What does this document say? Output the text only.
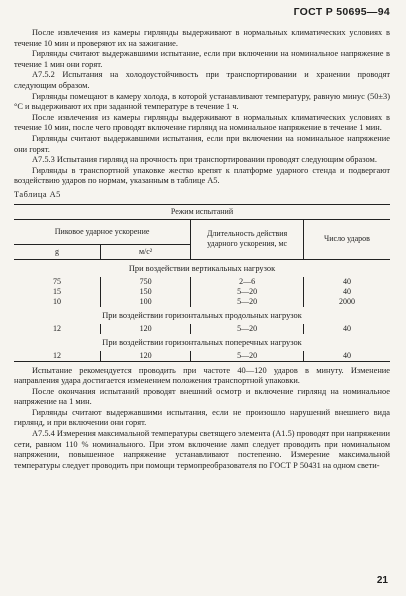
ГОСТ Р 50695—94

После извлечения из камеры гирлянды выдерживают в нормальных климатических условиях в течение 10 мин и проверяют их на зажигание.

Гирлянды считают выдержавшими испытание, если при включении на номинальное напряжение в течение 1 мин они горят.

А7.5.2 Испытания на холодоустойчивость при транспортировании и хранении проводят следующим образом.

Гирлянды помещают в камеру холода, в которой устанавливают температуру, равную минус (50±3) °С и выдерживают их при заданной температуре в течение 1 ч.

После извлечения из камеры гирлянды выдерживают в нормальных климатических условиях в течение 10 мин, после чего проводят включение гирлянд на номинальное напряжение в течение 1 мин.

Гирлянды считают выдержавшими испытания, если при включении на номинальное напряжение они горят.

А7.5.3 Испытания гирлянд на прочность при транспортировании проводят следующим образом.

Гирлянды в транспортной упаковке жестко крепят к платформе ударного стенда и подвергают воздействию ударов по нормам, указанным в таблице А5.

Таблица А5
Режим испытаний			
Пиковое ударное ускорение		Длительность действия ударного ускорения, мс	Число ударов
g	м/с²		
При воздействии вертикальных нагрузок			
75	750	2—6	40
15	150	5—20	40
10	100	5—20	2000
При воздействии горизонтальных продольных нагрузок			
12	120	5—20	40
При воздействии горизонтальных поперечных нагрузок			
12	120	5—20	40

Испытание рекомендуется проводить при частоте 40—120 ударов в минуту. Изменение направления удара достигается изменением положения транспортной упаковки.

После окончания испытаний проводят внешний осмотр и включение гирлянд на номинальное напряжение на 1 мин.

Гирлянды считают выдержавшими испытания, если не произошло нарушений внешнего вида гирлянд, и при включении они горят.

А7.5.4 Измерения максимальной температуры светящего элемента (А1.5) проводят при напряжении сети, равном 110 % номинального. При этом включение ламп следует проводить при номинальном напряжении, повышенное напряжение устанавливают постепенно. Измерение максимальной температуры следует проводить при помощи термопреобразователя по ГОСТ Р 50431 на одном свети-

21
